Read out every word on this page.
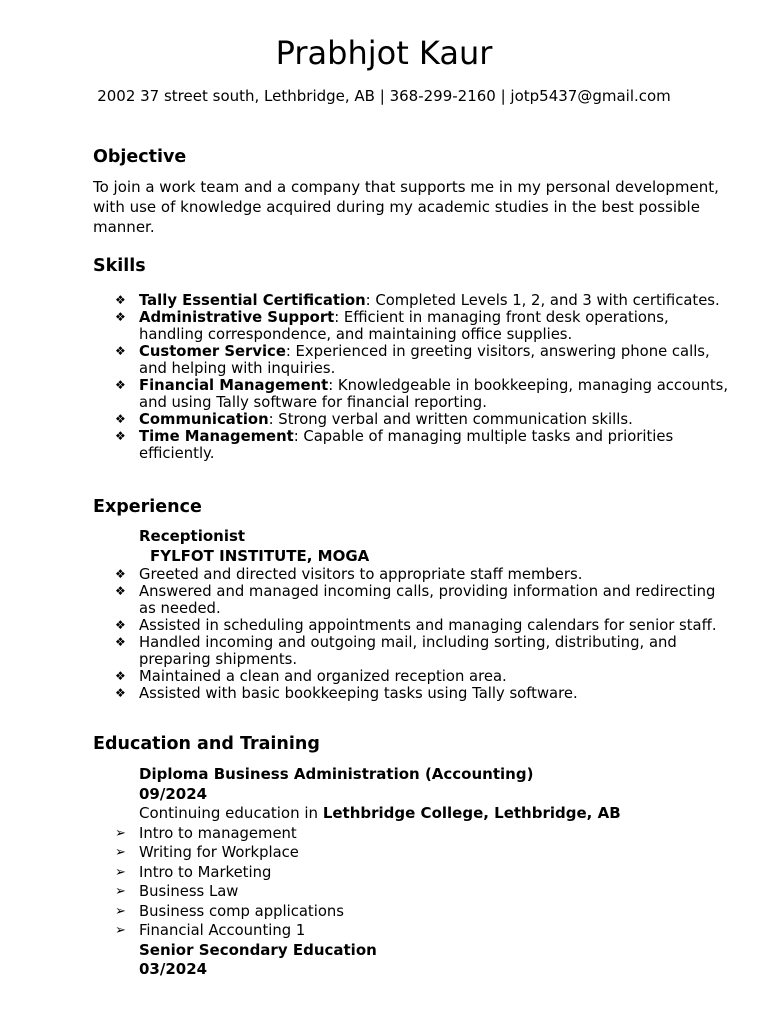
Prabhjot Kaur
2002 37 street south, Lethbridge, AB | 368-299-2160 | jotp5437@gmail.com
Objective

To join a work team and a company that supports me in my personal development, with use of knowledge acquired during my academic studies in the best possible manner.

Skills
❖ Tally Essential Certification: Completed Levels 1, 2, and 3 with certificates.
❖ Administrative Support: Efficient in managing front desk operations, handling correspondence, and maintaining office supplies.
❖ Customer Service: Experienced in greeting visitors, answering phone calls, and helping with inquiries.
❖ Financial Management: Knowledgeable in bookkeeping, managing accounts, and using Tally software for financial reporting.
❖ Communication: Strong verbal and written communication skills.
❖ Time Management: Capable of managing multiple tasks and priorities efficiently.
Experience
Receptionist
FYLFOT INSTITUTE, MOGA
❖ Greeted and directed visitors to appropriate staff members.
❖ Answered and managed incoming calls, providing information and redirecting as needed.
❖ Assisted in scheduling appointments and managing calendars for senior staff.
❖ Handled incoming and outgoing mail, including sorting, distributing, and preparing shipments.
❖ Maintained a clean and organized reception area.
❖ Assisted with basic bookkeeping tasks using Tally software.
Education and Training
Diploma Business Administration (Accounting)
09/2024
Continuing education in Lethbridge College, Lethbridge, AB
➢ Intro to management
➢ Writing for Workplace
➢ Intro to Marketing
➢ Business Law
➢ Business comp applications
➢ Financial Accounting 1
Senior Secondary Education
03/2024
